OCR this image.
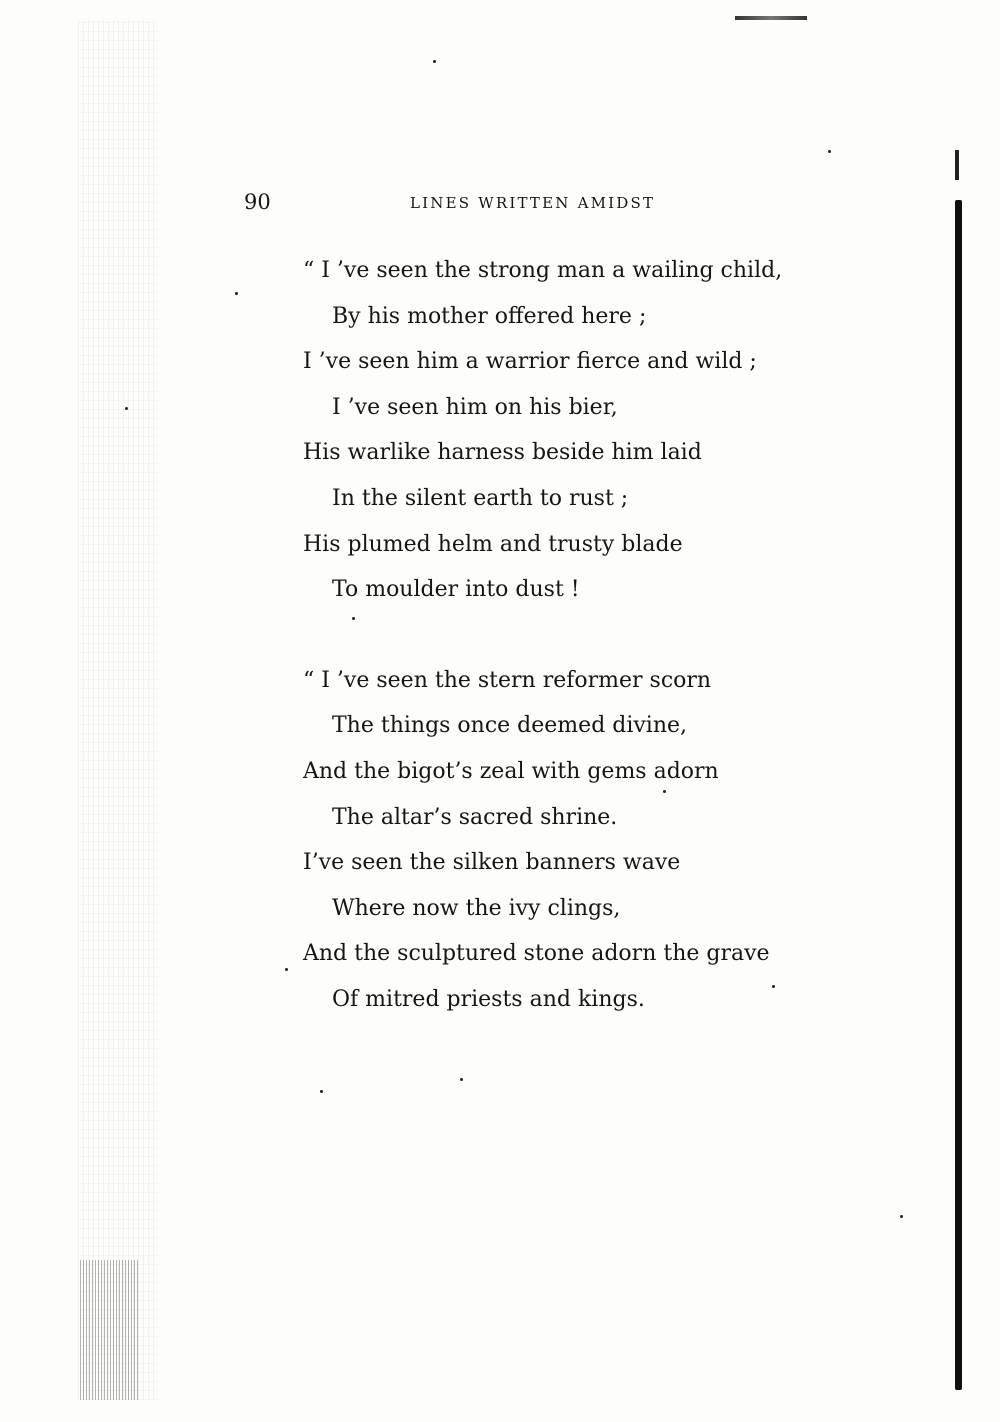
90	LINES WRITTEN AMIDST
“ I ’ve seen the strong man a wailing child,
By his mother offered here ;
I ’ve seen him a warrior fierce and wild ;
I ’ve seen him on his bier,
His warlike harness beside him laid
In the silent earth to rust ;
His plumed helm and trusty blade
To moulder into dust !
“ I ’ve seen the stern reformer scorn
The things once deemed divine,
And the bigot’s zeal with gems adorn
The altar’s sacred shrine.
I’ve seen the silken banners wave
Where now the ivy clings,
And the sculptured stone adorn the grave
Of mitred priests and kings.
